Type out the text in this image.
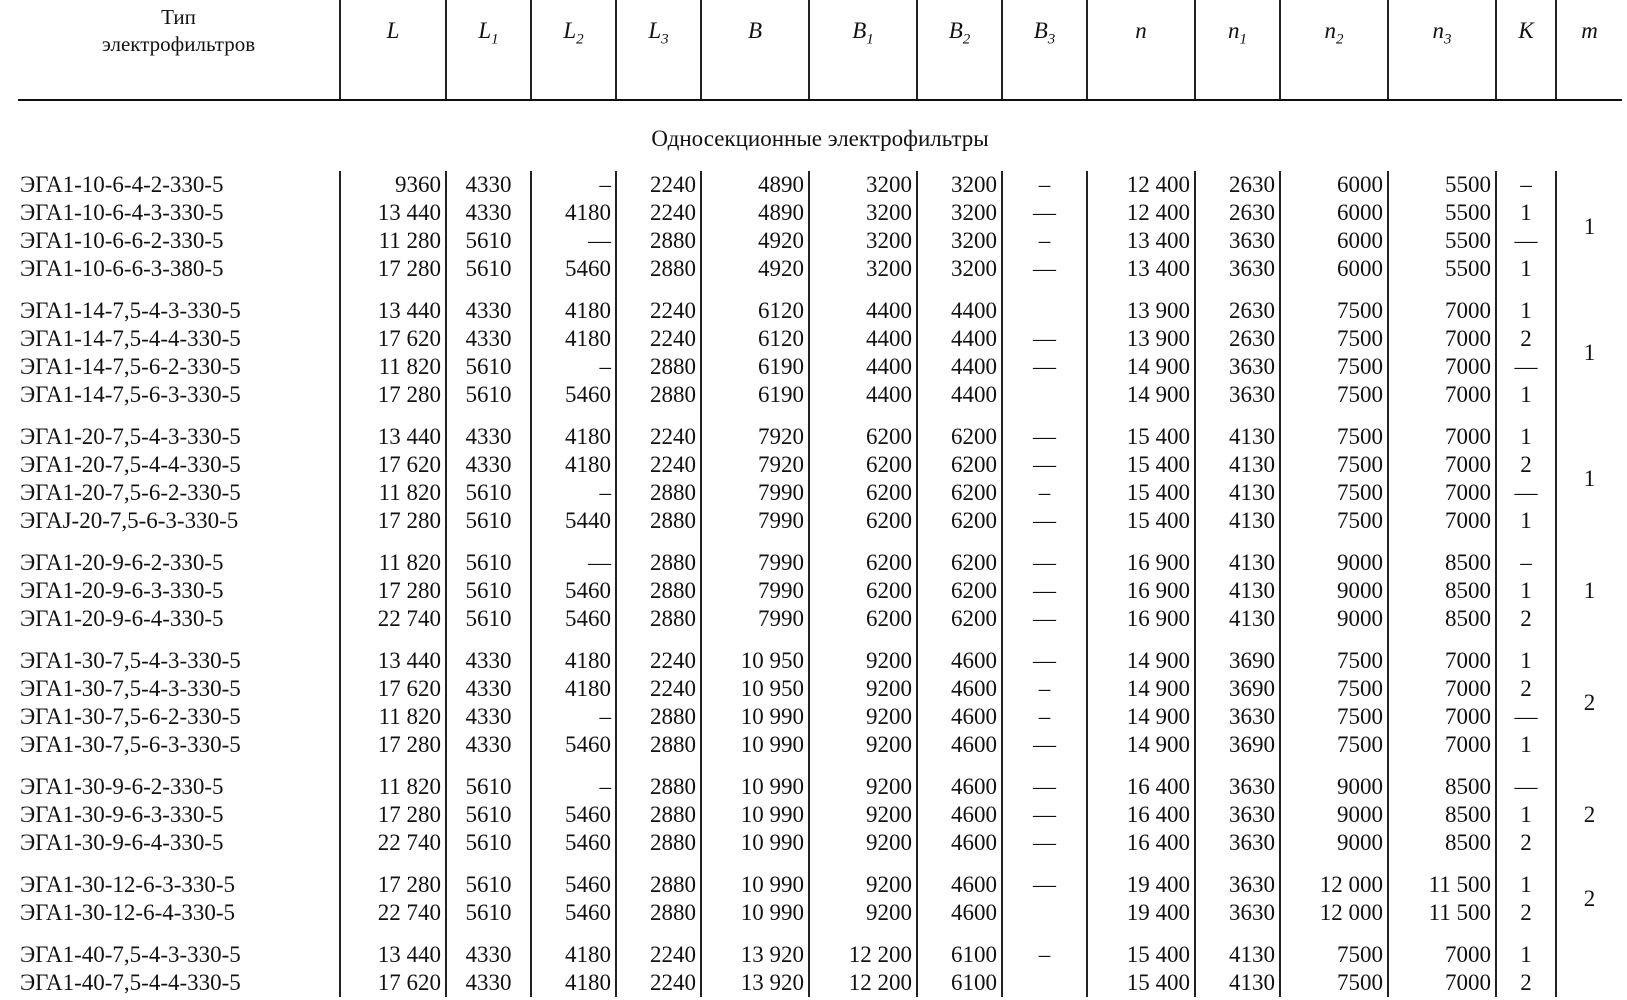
Тип
электрофильтров	L	$L_1$	$L_2$	$L_3$	B	$B_1$	$B_2$	$B_3$	n	$n_1$	$n_2$	$n_3$	K	m
Односекционные электрофильтры														
ЭГА1-10-6-4-2-330-5	9360	4330	–	2240	4890	3200	3200	–	12 400	2630	6000	5500	–	1
ЭГА1-10-6-4-3-330-5	13 440	4330	4180	2240	4890	3200	3200	—	12 400	2630	6000	5500	1	
ЭГА1-10-6-6-2-330-5	11 280	5610	—	2880	4920	3200	3200	–	13 400	3630	6000	5500	—	
ЭГА1-10-6-6-3-380-5	17 280	5610	5460	2880	4920	3200	3200	—	13 400	3630	6000	5500	1	

ЭГА1-14-7,5-4-3-330-5	13 440	4330	4180	2240	6120	4400	4400		13 900	2630	7500	7000	1	1
ЭГА1-14-7,5-4-4-330-5	17 620	4330	4180	2240	6120	4400	4400	—	13 900	2630	7500	7000	2	
ЭГА1-14-7,5-6-2-330-5	11 820	5610	–	2880	6190	4400	4400	—	14 900	3630	7500	7000	—	
ЭГА1-14-7,5-6-3-330-5	17 280	5610	5460	2880	6190	4400	4400		14 900	3630	7500	7000	1	

ЭГА1-20-7,5-4-3-330-5	13 440	4330	4180	2240	7920	6200	6200	—	15 400	4130	7500	7000	1	1
ЭГА1-20-7,5-4-4-330-5	17 620	4330	4180	2240	7920	6200	6200	—	15 400	4130	7500	7000	2	
ЭГА1-20-7,5-6-2-330-5	11 820	5610	–	2880	7990	6200	6200	–	15 400	4130	7500	7000	—	
ЭГАJ-20-7,5-6-3-330-5	17 280	5610	5440	2880	7990	6200	6200	—	15 400	4130	7500	7000	1	

ЭГА1-20-9-6-2-330-5	11 820	5610	—	2880	7990	6200	6200	—	16 900	4130	9000	8500	–	1
ЭГА1-20-9-6-3-330-5	17 280	5610	5460	2880	7990	6200	6200	—	16 900	4130	9000	8500	1	
ЭГА1-20-9-6-4-330-5	22 740	5610	5460	2880	7990	6200	6200	—	16 900	4130	9000	8500	2	

ЭГА1-30-7,5-4-3-330-5	13 440	4330	4180	2240	10 950	9200	4600	—	14 900	3690	7500	7000	1	2
ЭГА1-30-7,5-4-3-330-5	17 620	4330	4180	2240	10 950	9200	4600	–	14 900	3690	7500	7000	2	
ЭГА1-30-7,5-6-2-330-5	11 820	4330	–	2880	10 990	9200	4600	–	14 900	3630	7500	7000	—	
ЭГА1-30-7,5-6-3-330-5	17 280	4330	5460	2880	10 990	9200	4600	—	14 900	3690	7500	7000	1	

ЭГА1-30-9-6-2-330-5	11 820	5610	–	2880	10 990	9200	4600	—	16 400	3630	9000	8500	—	2
ЭГА1-30-9-6-3-330-5	17 280	5610	5460	2880	10 990	9200	4600	—	16 400	3630	9000	8500	1	
ЭГА1-30-9-6-4-330-5	22 740	5610	5460	2880	10 990	9200	4600	—	16 400	3630	9000	8500	2	

ЭГА1-30-12-6-3-330-5	17 280	5610	5460	2880	10 990	9200	4600	—	19 400	3630	12 000	11 500	1	2
ЭГА1-30-12-6-4-330-5	22 740	5610	5460	2880	10 990	9200	4600		19 400	3630	12 000	11 500	2	

ЭГА1-40-7,5-4-3-330-5	13 440	4330	4180	2240	13 920	12 200	6100	–	15 400	4130	7500	7000	1	
ЭГА1-40-7,5-4-4-330-5	17 620	4330	4180	2240	13 920	12 200	6100		15 400	4130	7500	7000	2	
